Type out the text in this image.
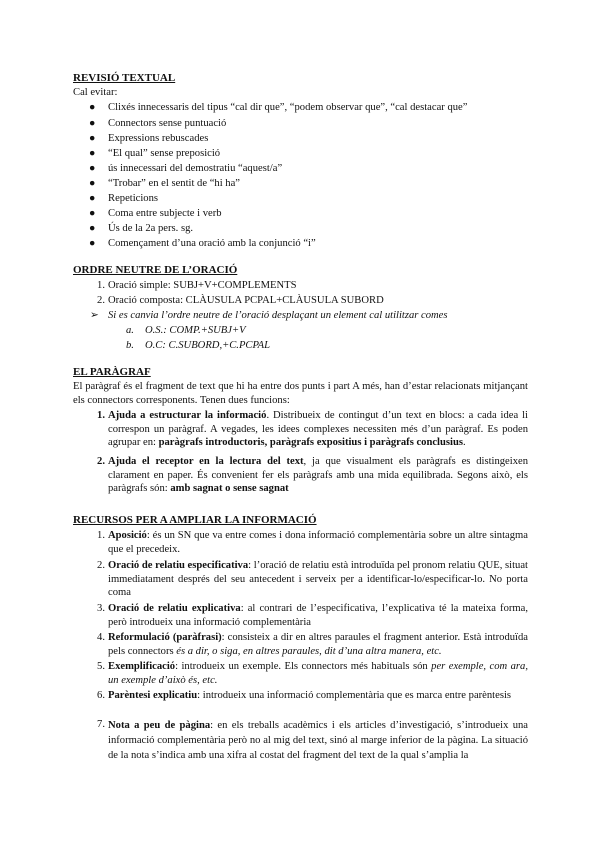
REVISIÓ TEXTUAL
Cal evitar:
● Clixés innecessaris del tipus “cal dir que”, “podem observar que”, “cal destacar que”
● Connectors sense puntuació
● Expressions rebuscades
● “El qual” sense preposició
● ús innecessari del demostratiu “aquest/a”
● “Trobar” en el sentit de “hi ha”
● Repeticions
● Coma entre subjecte i verb
● Ús de la 2a pers. sg.
● Començament d’una oració amb la conjunció “i”
ORDRE NEUTRE DE L’ORACIÓ
1. Oració simple: SUBJ+V+COMPLEMENTS
2. Oració composta: CLÀUSULA PCPAL+CLÀUSULA SUBORD
➢ Si es canvia l’ordre neutre de l’oració desplaçant un element cal utilitzar comes
a. O.S.: COMP.+SUBJ+V
b. O.C: C.SUBORD,+C.PCPAL
EL PARÀGRAF
El paràgraf és el fragment de text que hi ha entre dos punts i part A més, han d’estar relacionats mitjançant els connectors corresponents. Tenen dues funcions:
1. Ajuda a estructurar la informació. Distribueix de contingut d’un text en blocs: a cada idea li correspon un paràgraf. A vegades, les idees complexes necessiten més d’un paràgraf. Es poden agrupar en: paràgrafs introductoris, paràgrafs expositius i paràgrafs conclusius.
2. Ajuda el receptor en la lectura del text, ja que visualment els paràgrafs es distingeixen clarament en paper. És convenient fer els paràgrafs amb una mida equilibrada. Segons això, els paràgrafs són: amb sagnat o sense sagnat
RECURSOS PER A AMPLIAR LA INFORMACIÓ
1. Aposició: és un SN que va entre comes i dona informació complementària sobre un altre sintagma que el precedeix.
2. Oració de relatiu especificativa: l’oració de relatiu està introduïda pel pronom relatiu QUE, situat immediatament després del seu antecedent i serveix per a identificar-lo/especificar-lo. No porta coma
3. Oració de relatiu explicativa: al contrari de l’especificativa, l’explicativa té la mateixa forma, però introdueix una informació complementària
4. Reformulació (paràfrasi): consisteix a dir en altres paraules el fragment anterior. Està introduïda pels connectors és a dir, o siga, en altres paraules, dit d’una altra manera, etc.
5. Exemplificació: introdueix un exemple. Els connectors més habituals són per exemple, com ara, un exemple d’això és, etc.
6. Parèntesi explicatiu: introdueix una informació complementària que es marca entre parèntesis
7. Nota a peu de pàgina: en els treballs acadèmics i els articles d’investigació, s’introdueix una informació complementària però no al mig del text, sinó al marge inferior de la pàgina. La situació de la nota s’indica amb una xifra al costat del fragment del text de la qual s’amplia la
